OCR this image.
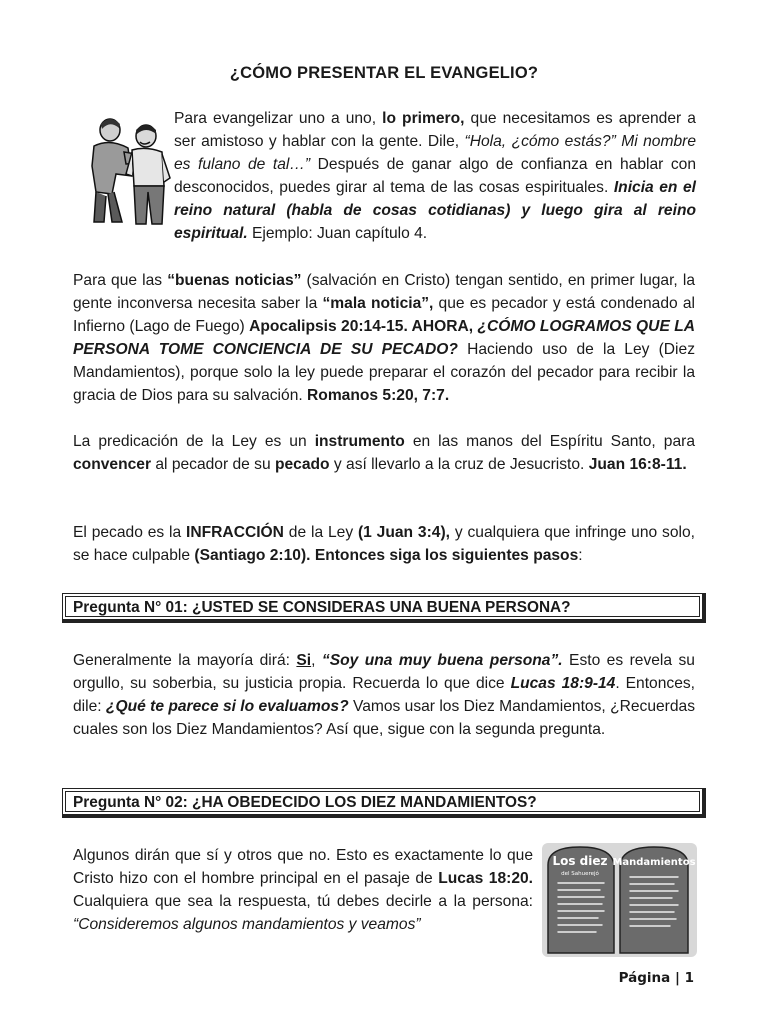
¿CÓMO PRESENTAR EL EVANGELIO?

Para evangelizar uno a uno, lo primero, que necesitamos es aprender a ser amistoso y hablar con la gente. Dile, “Hola, ¿cómo estás?” Mi nombre es fulano de tal…” Después de ganar algo de confianza en hablar con desconocidos, puedes girar al tema de las cosas espirituales. Inicia en el reino natural (habla de cosas cotidianas) y luego gira al reino espiritual. Ejemplo: Juan capítulo 4.

Para que las “buenas noticias” (salvación en Cristo) tengan sentido, en primer lugar, la gente inconversa necesita saber la “mala noticia”, que es pecador y está condenado al Infierno (Lago de Fuego) Apocalipsis 20:14-15. AHORA, ¿CÓMO LOGRAMOS QUE LA PERSONA TOME CONCIENCIA DE SU PECADO? Haciendo uso de la Ley (Diez Mandamientos), porque solo la ley puede preparar el corazón del pecador para recibir la gracia de Dios para su salvación. Romanos 5:20, 7:7.

La predicación de la Ley es un instrumento en las manos del Espíritu Santo, para convencer al pecador de su pecado y así llevarlo a la cruz de Jesucristo. Juan 16:8-11.

El pecado es la INFRACCIÓN de la Ley (1 Juan 3:4), y cualquiera que infringe uno solo, se hace culpable (Santiago 2:10). Entonces siga los siguientes pasos:

Pregunta N° 01: ¿USTED SE CONSIDERAS UNA BUENA PERSONA?

Generalmente la mayoría dirá: Si, “Soy una muy buena persona”. Esto es revela su orgullo, su soberbia, su justicia propia. Recuerda lo que dice Lucas 18:9-14. Entonces, dile: ¿Qué te parece si lo evaluamos? Vamos usar los Diez Mandamientos, ¿Recuerdas cuales son los Diez Mandamientos? Así que, sigue con la segunda pregunta.

Pregunta N° 02: ¿HA OBEDECIDO LOS DIEZ MANDAMIENTOS?

Algunos dirán que sí y otros que no. Esto es exactamente lo que Cristo hizo con el hombre principal en el pasaje de Lucas 18:20. Cualquiera que sea la respuesta, tú debes decirle a la persona: “Consideremos algunos mandamientos y veamos”

Los diez
del Sahuerejó
Mandamientos
Página | 1
